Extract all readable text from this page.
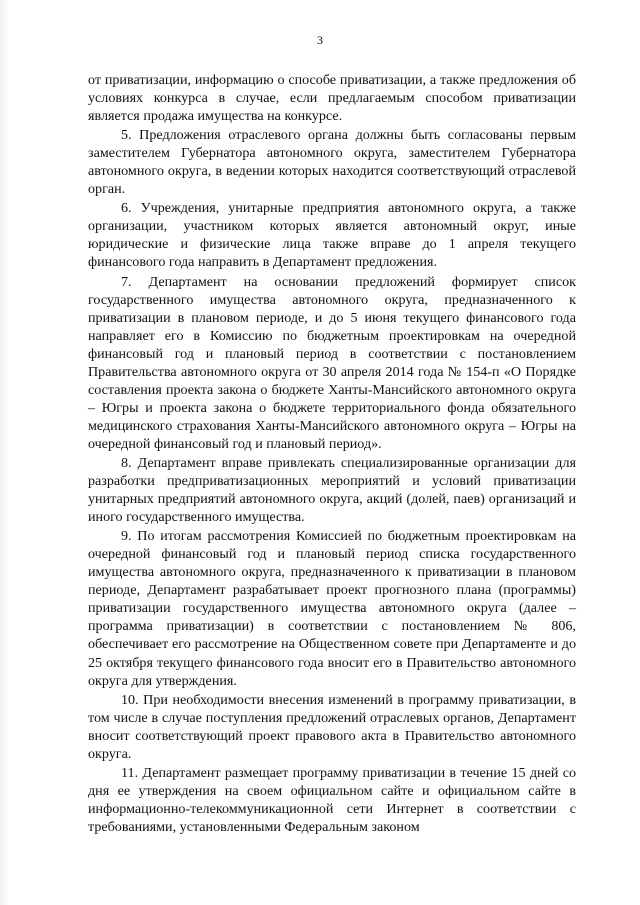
3

от приватизации, информацию о способе приватизации, а также предложения об условиях конкурса в случае, если предлагаемым способом приватизации является продажа имущества на конкурсе.

5. Предложения отраслевого органа должны быть согласованы первым заместителем Губернатора автономного округа, заместителем Губернатора автономного округа, в ведении которых находится соответствующий отраслевой орган.

6. Учреждения, унитарные предприятия автономного округа, а также организации, участником которых является автономный округ, иные юридические и физические лица также вправе до 1 апреля текущего финансового года направить в Департамент предложения.

7. Департамент на основании предложений формирует список государственного имущества автономного округа, предназначенного к приватизации в плановом периоде, и до 5 июня текущего финансового года направляет его в Комиссию по бюджетным проектировкам на очередной финансовый год и плановый период в соответствии с постановлением Правительства автономного округа от 30 апреля 2014 года № 154-п «О Порядке составления проекта закона о бюджете Ханты-Мансийского автономного округа – Югры и проекта закона о бюджете территориального фонда обязательного медицинского страхования Ханты-Мансийского автономного округа – Югры на очередной финансовый год и плановый период».

8. Департамент вправе привлекать специализированные организации для разработки предприватизационных мероприятий и условий приватизации унитарных предприятий автономного округа, акций (долей, паев) организаций и иного государственного имущества.

9. По итогам рассмотрения Комиссией по бюджетным проектировкам на очередной финансовый год и плановый период списка государственного имущества автономного округа, предназначенного к приватизации в плановом периоде, Департамент разрабатывает проект прогнозного плана (программы) приватизации государственного имущества автономного округа (далее – программа приватизации) в соответствии с постановлением № 806, обеспечивает его рассмотрение на Общественном совете при Департаменте и до 25 октября текущего финансового года вносит его в Правительство автономного округа для утверждения.

10. При необходимости внесения изменений в программу приватизации, в том числе в случае поступления предложений отраслевых органов, Департамент вносит соответствующий проект правового акта в Правительство автономного округа.

11. Департамент размещает программу приватизации в течение 15 дней со дня ее утверждения на своем официальном сайте и официальном сайте в информационно-телекоммуникационной сети Интернет в соответствии с требованиями, установленными Федеральным законом
